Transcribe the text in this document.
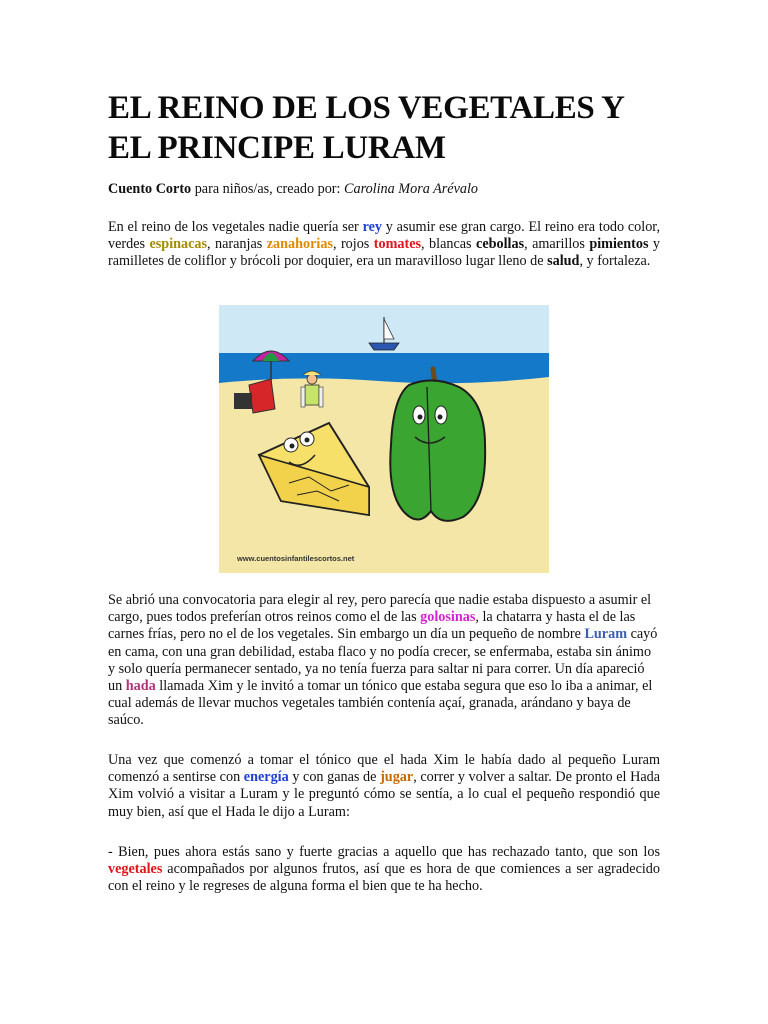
EL REINO DE LOS VEGETALES Y EL PRINCIPE LURAM

Cuento Corto para niños/as, creado por: Carolina Mora Arévalo

En el reino de los vegetales nadie quería ser rey y asumir ese gran cargo. El reino era todo color, verdes espinacas, naranjas zanahorias, rojos tomates, blancas cebollas, amarillos pimientos y ramilletes de coliflor y brócoli por doquier, era un maravilloso lugar lleno de salud, y fortaleza.

www.cuentosinfantilescortos.net

Se abrió una convocatoria para elegir al rey, pero parecía que nadie estaba dispuesto a asumir el cargo, pues todos preferían otros reinos como el de las golosinas, la chatarra y hasta el de las carnes frías, pero no el de los vegetales. Sin embargo un día un pequeño de nombre Luram cayó en cama, con una gran debilidad, estaba flaco y no podía crecer, se enfermaba, estaba sin ánimo y solo quería permanecer sentado, ya no tenía fuerza para saltar ni para correr. Un día apareció un hada llamada Xim y le invitó a tomar un tónico que estaba segura que eso lo iba a animar, el cual además de llevar muchos vegetales también contenía açaí, granada, arándano y baya de saúco.

Una vez que comenzó a tomar el tónico que el hada Xim le había dado al pequeño Luram comenzó a sentirse con energía y con ganas de jugar, correr y volver a saltar. De pronto el Hada Xim volvió a visitar a Luram y le preguntó cómo se sentía, a lo cual el pequeño respondió que muy bien, así que el Hada le dijo a Luram:

- Bien, pues ahora estás sano y fuerte gracias a aquello que has rechazado tanto, que son los vegetales acompañados por algunos frutos, así que es hora de que comiences a ser agradecido con el reino y le regreses de alguna forma el bien que te ha hecho.
